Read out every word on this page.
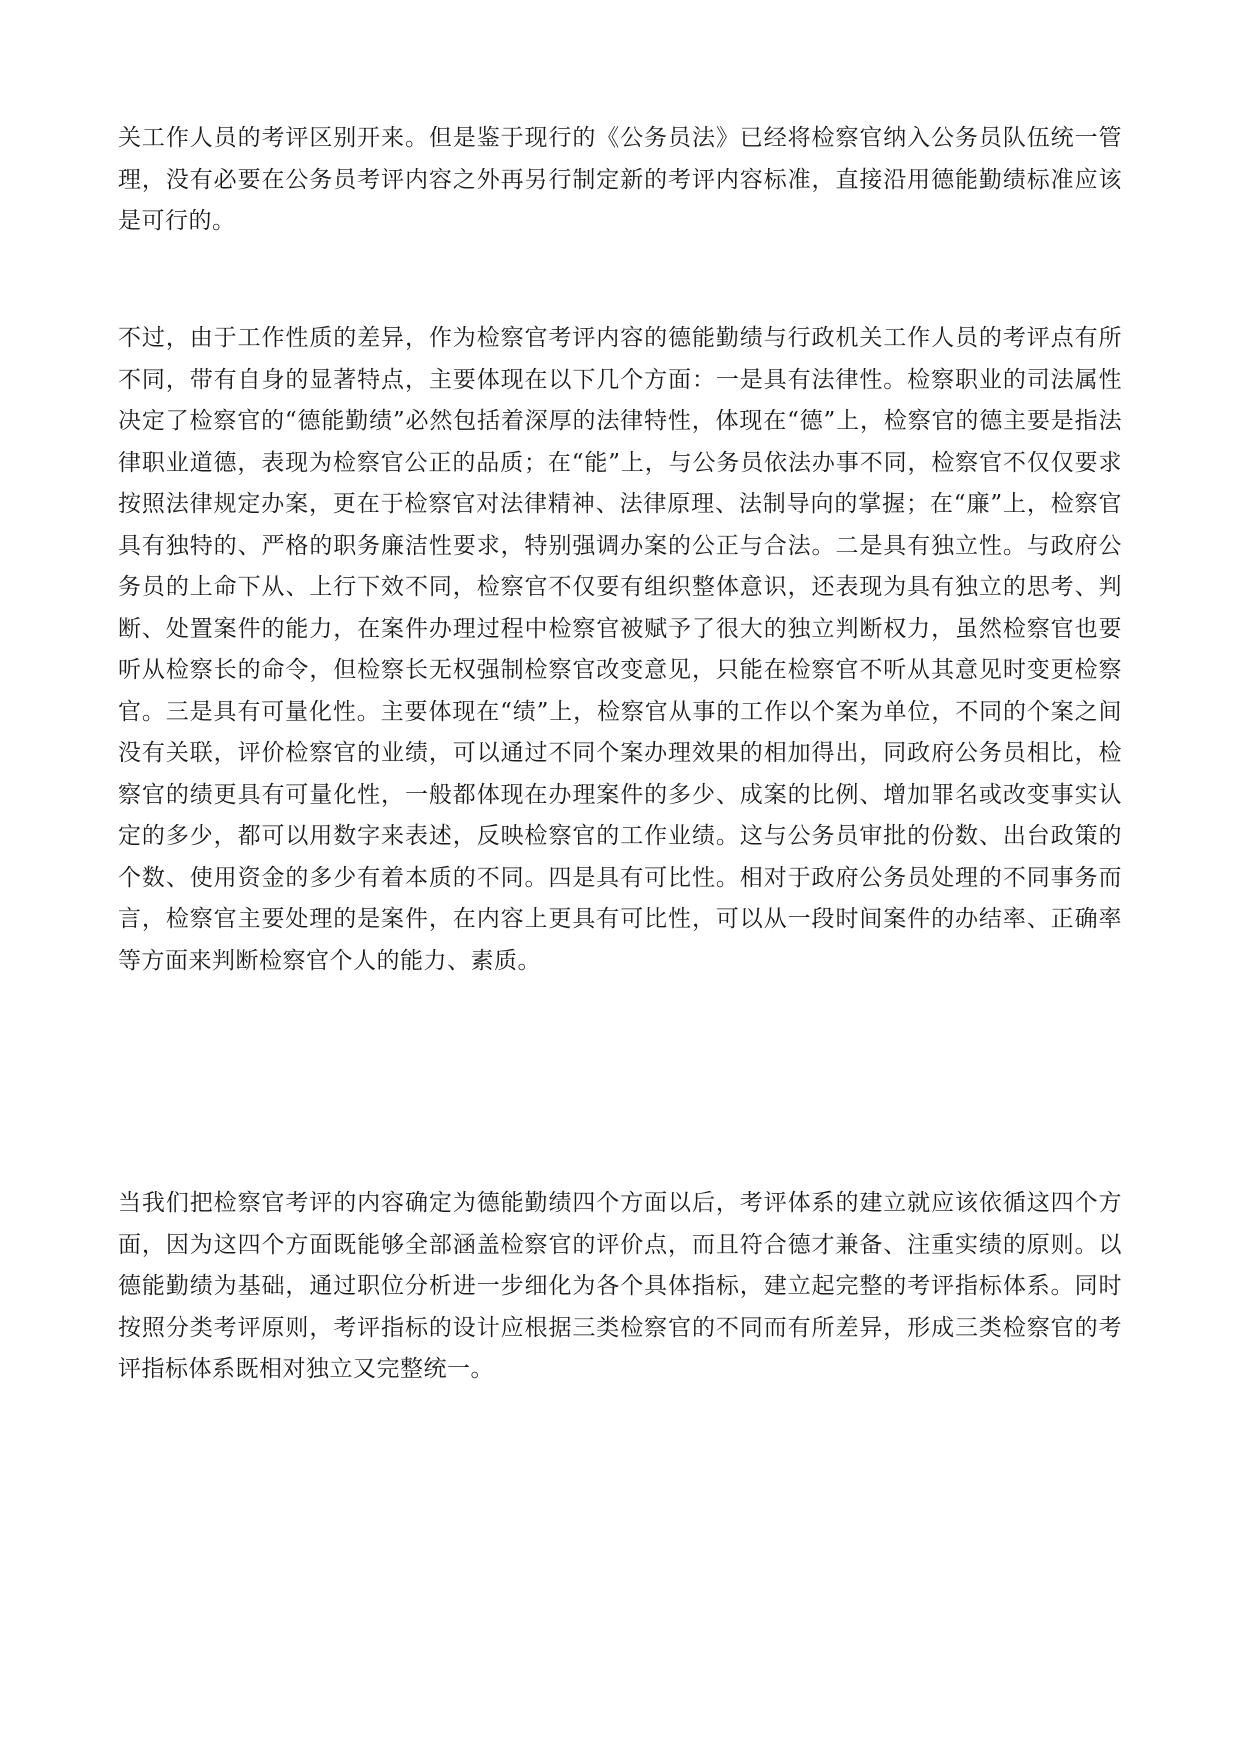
关工作人员的考评区别开来。但是鉴于现行的《公务员法》已经将检察官纳入公务员队伍统一管理，没有必要在公务员考评内容之外再另行制定新的考评内容标准，直接沿用德能勤绩标准应该是可行的。

不过，由于工作性质的差异，作为检察官考评内容的德能勤绩与行政机关工作人员的考评点有所不同，带有自身的显著特点，主要体现在以下几个方面：一是具有法律性。检察职业的司法属性决定了检察官的“德能勤绩”必然包括着深厚的法律特性，体现在“德”上，检察官的德主要是指法律职业道德，表现为检察官公正的品质；在“能”上，与公务员依法办事不同，检察官不仅仅要求按照法律规定办案，更在于检察官对法律精神、法律原理、法制导向的掌握；在“廉”上，检察官具有独特的、严格的职务廉洁性要求，特别强调办案的公正与合法。二是具有独立性。与政府公务员的上命下从、上行下效不同，检察官不仅要有组织整体意识，还表现为具有独立的思考、判断、处置案件的能力，在案件办理过程中检察官被赋予了很大的独立判断权力，虽然检察官也要听从检察长的命令，但检察长无权强制检察官改变意见，只能在检察官不听从其意见时变更检察官。三是具有可量化性。主要体现在“绩”上，检察官从事的工作以个案为单位，不同的个案之间没有关联，评价检察官的业绩，可以通过不同个案办理效果的相加得出，同政府公务员相比，检察官的绩更具有可量化性，一般都体现在办理案件的多少、成案的比例、增加罪名或改变事实认定的多少，都可以用数字来表述，反映检察官的工作业绩。这与公务员审批的份数、出台政策的个数、使用资金的多少有着本质的不同。四是具有可比性。相对于政府公务员处理的不同事务而言，检察官主要处理的是案件，在内容上更具有可比性，可以从一段时间案件的办结率、正确率等方面来判断检察官个人的能力、素质。

当我们把检察官考评的内容确定为德能勤绩四个方面以后，考评体系的建立就应该依循这四个方面，因为这四个方面既能够全部涵盖检察官的评价点，而且符合德才兼备、注重实绩的原则。以德能勤绩为基础，通过职位分析进一步细化为各个具体指标，建立起完整的考评指标体系。同时按照分类考评原则，考评指标的设计应根据三类检察官的不同而有所差异，形成三类检察官的考评指标体系既相对独立又完整统一。
